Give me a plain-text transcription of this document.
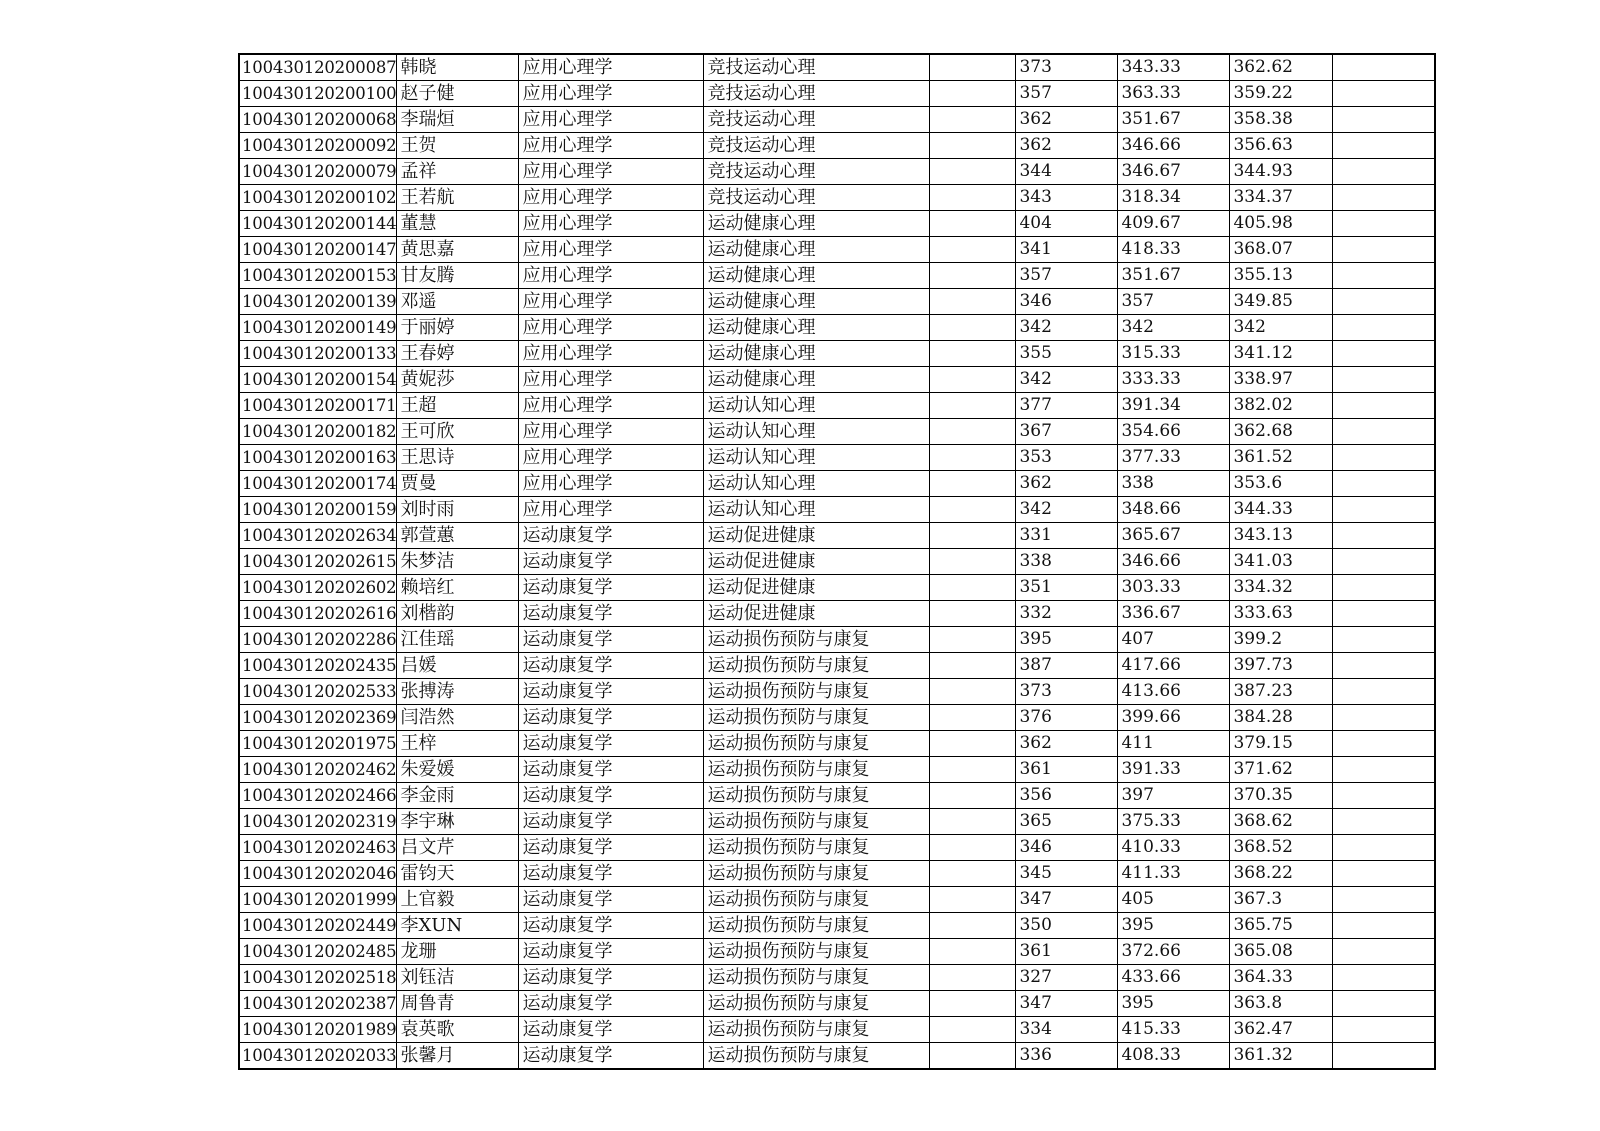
100430120200087	韩晓	应用心理学	竞技运动心理		373	343.33	362.62	
100430120200100	赵子健	应用心理学	竞技运动心理		357	363.33	359.22	
100430120200068	李瑞烜	应用心理学	竞技运动心理		362	351.67	358.38	
100430120200092	王贺	应用心理学	竞技运动心理		362	346.66	356.63	
100430120200079	孟祥	应用心理学	竞技运动心理		344	346.67	344.93	
100430120200102	王若航	应用心理学	竞技运动心理		343	318.34	334.37	
100430120200144	董慧	应用心理学	运动健康心理		404	409.67	405.98	
100430120200147	黄思嘉	应用心理学	运动健康心理		341	418.33	368.07	
100430120200153	甘友腾	应用心理学	运动健康心理		357	351.67	355.13	
100430120200139	邓遥	应用心理学	运动健康心理		346	357	349.85	
100430120200149	于丽婷	应用心理学	运动健康心理		342	342	342	
100430120200133	王春婷	应用心理学	运动健康心理		355	315.33	341.12	
100430120200154	黄妮莎	应用心理学	运动健康心理		342	333.33	338.97	
100430120200171	王超	应用心理学	运动认知心理		377	391.34	382.02	
100430120200182	王可欣	应用心理学	运动认知心理		367	354.66	362.68	
100430120200163	王思诗	应用心理学	运动认知心理		353	377.33	361.52	
100430120200174	贾曼	应用心理学	运动认知心理		362	338	353.6	
100430120200159	刘时雨	应用心理学	运动认知心理		342	348.66	344.33	
100430120202634	郭萱蕙	运动康复学	运动促进健康		331	365.67	343.13	
100430120202615	朱梦洁	运动康复学	运动促进健康		338	346.66	341.03	
100430120202602	赖培红	运动康复学	运动促进健康		351	303.33	334.32	
100430120202616	刘楷韵	运动康复学	运动促进健康		332	336.67	333.63	
100430120202286	江佳瑶	运动康复学	运动损伤预防与康复		395	407	399.2	
100430120202435	吕媛	运动康复学	运动损伤预防与康复		387	417.66	397.73	
100430120202533	张搏涛	运动康复学	运动损伤预防与康复		373	413.66	387.23	
100430120202369	闫浩然	运动康复学	运动损伤预防与康复		376	399.66	384.28	
100430120201975	王梓	运动康复学	运动损伤预防与康复		362	411	379.15	
100430120202462	朱爱媛	运动康复学	运动损伤预防与康复		361	391.33	371.62	
100430120202466	李金雨	运动康复学	运动损伤预防与康复		356	397	370.35	
100430120202319	李宇琳	运动康复学	运动损伤预防与康复		365	375.33	368.62	
100430120202463	吕文芹	运动康复学	运动损伤预防与康复		346	410.33	368.52	
100430120202046	雷钧天	运动康复学	运动损伤预防与康复		345	411.33	368.22	
100430120201999	上官毅	运动康复学	运动损伤预防与康复		347	405	367.3	
100430120202449	李XUN	运动康复学	运动损伤预防与康复		350	395	365.75	
100430120202485	龙珊	运动康复学	运动损伤预防与康复		361	372.66	365.08	
100430120202518	刘钰洁	运动康复学	运动损伤预防与康复		327	433.66	364.33	
100430120202387	周鲁青	运动康复学	运动损伤预防与康复		347	395	363.8	
100430120201989	袁英歌	运动康复学	运动损伤预防与康复		334	415.33	362.47	
100430120202033	张馨月	运动康复学	运动损伤预防与康复		336	408.33	361.32	
